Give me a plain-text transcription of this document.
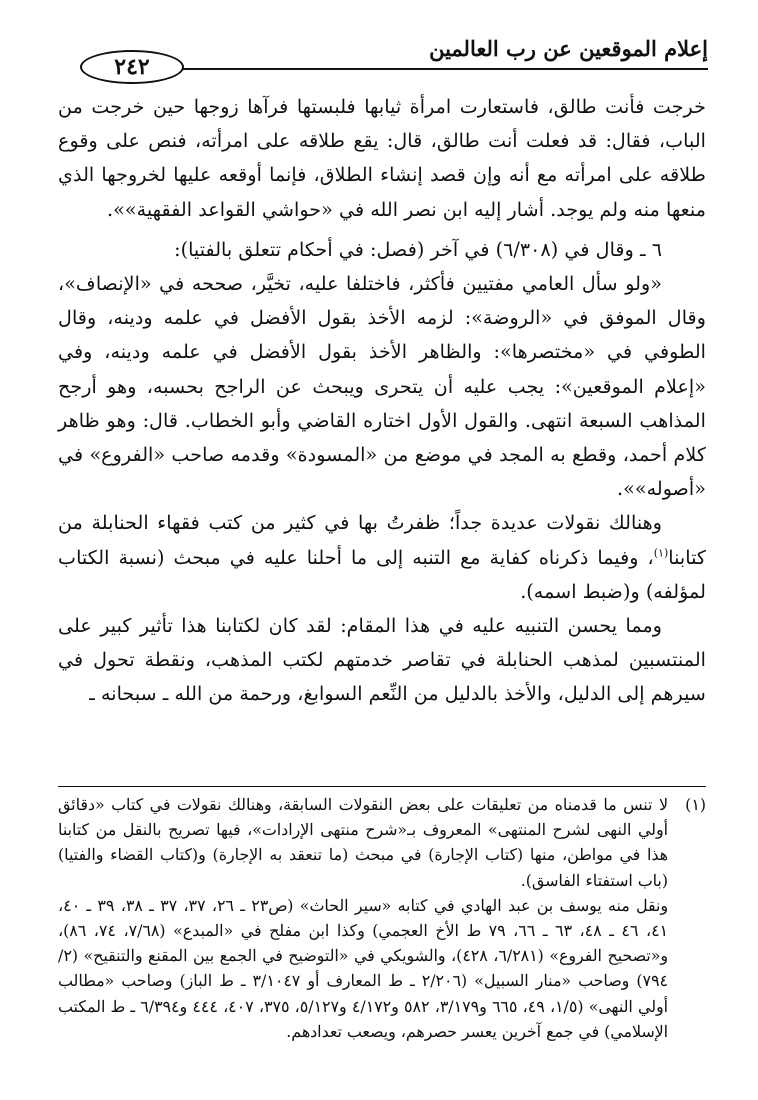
إعلام الموقعين عن رب العالمين
٢٤٢

خرجت فأنت طالق، فاستعارت امرأة ثيابها فلبستها فرآها زوجها حين خرجت من الباب، فقال: قد فعلت أنت طالق، قال: يقع طلاقه على امرأته، فنص على وقوع طلاقه على امرأته مع أنه وإن قصد إنشاء الطلاق، فإنما أوقعه عليها لخروجها الذي منعها منه ولم يوجد. أشار إليه ابن نصر الله في «حواشي القواعد الفقهية»».

٦ ـ وقال في (٦/٣٠٨) في آخر (فصل: في أحكام تتعلق بالفتيا):

«ولو سأل العامي مفتيين فأكثر، فاختلفا عليه، تخيَّر، صححه في «الإنصاف»، وقال الموفق في «الروضة»: لزمه الأخذ بقول الأفضل في علمه ودينه، وقال الطوفي في «مختصرها»: والظاهر الأخذ بقول الأفضل في علمه ودينه، وفي «إعلام الموقعين»: يجب عليه أن يتحرى ويبحث عن الراجح بحسبه، وهو أرجح المذاهب السبعة انتهى. والقول الأول اختاره القاضي وأبو الخطاب. قال: وهو ظاهر كلام أحمد، وقطع به المجد في موضع من «المسودة» وقدمه صاحب «الفروع» في «أصوله»».

وهنالك نقولات عديدة جداً؛ ظفرتُ بها في كثير من كتب فقهاء الحنابلة من كتابنا$^{(١)}$، وفيما ذكرناه كفاية مع التنبه إلى ما أحلنا عليه في مبحث (نسبة الكتاب لمؤلفه) و(ضبط اسمه).

ومما يحسن التنبيه عليه في هذا المقام: لقد كان لكتابنا هذا تأثير كبير على المنتسبين لمذهب الحنابلة في تقاصر خدمتهم لكتب المذهب، ونقطة تحول في سيرهم إلى الدليل، والأخذ بالدليل من النِّعم السوابغ، ورحمة من الله ـ سبحانه ـ

(١)
لا تنس ما قدمناه من تعليقات على بعض النقولات السابقة، وهنالك نقولات في كتاب «دقائق أولي النهى لشرح المنتهى» المعروف بـ«شرح منتهى الإرادات»، فيها تصريح بالنقل من كتابنا هذا في مواطن، منها (كتاب الإجارة) في مبحث (ما تنعقد به الإجارة) و(كتاب القضاء والفتيا) (باب استفتاء الفاسق).

ونقل منه يوسف بن عبد الهادي في كتابه «سير الحاث» (ص٢٣ ـ ٢٦، ٣٧، ٣٧ ـ ٣٨، ٣٩ ـ ٤٠، ٤١، ٤٦ ـ ٤٨، ٦٣ ـ ٦٦، ٧٩ ط الأخ العجمي) وكذا ابن مفلح في «المبدع» (٧/٦٨، ٧٤، ٨٦)، و«تصحيح الفروع» (٦/٢٨١، ٤٢٨)، والشويكي في «التوضيح في الجمع بين المقنع والتنقيح» (٢/ ٧٩٤) وصاحب «منار السبيل» (٢/٢٠٦ ـ ط المعارف أو ٣/١٠٤٧ ـ ط الباز) وصاحب «مطالب أولي النهى» (١/٥، ٤٩، ٦٦٥ و٣/١٧٩، ٥٨٢ و٤/١٧٢ و٥/١٢٧، ٣٧٥، ٤٠٧، ٤٤٤ و٦/٣٩٤ ـ ط المكتب الإسلامي) في جمع آخرين يعسر حصرهم، ويصعب تعدادهم.
